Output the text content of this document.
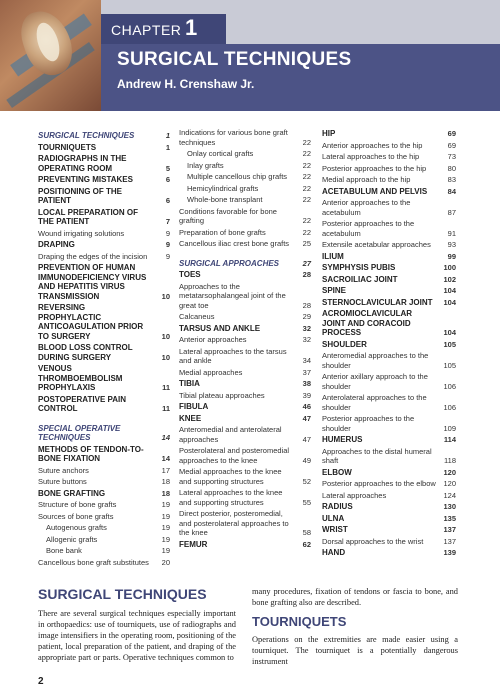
CHAPTER 1
SURGICAL TECHNIQUES
Andrew H. Crenshaw Jr.
SURGICAL TECHNIQUES	1
TOURNIQUETS	1
RADIOGRAPHS IN THE OPERATING ROOM	5
PREVENTING MISTAKES	6
POSITIONING OF THE PATIENT	6
LOCAL PREPARATION OF THE PATIENT	7
Wound irrigating solutions	9
DRAPING	9
Draping the edges of the incision	9
PREVENTION OF HUMAN IMMUNODEFICIENCY VIRUS AND HEPATITIS VIRUS TRANSMISSION	10
REVERSING PROPHYLACTIC ANTICOAGULATION PRIOR TO SURGERY	10
BLOOD LOSS CONTROL DURING SURGERY	10
VENOUS THROMBOEMBOLISM PROPHYLAXIS	11
POSTOPERATIVE PAIN CONTROL	11
SPECIAL OPERATIVE TECHNIQUES	14
METHODS OF TENDON-TO-BONE FIXATION	14
Suture anchors	17
Suture buttons	18
BONE GRAFTING	18
Structure of bone grafts	19
Sources of bone grafts	19
Autogenous grafts	19
Allogenic grafts	19
Bone bank	19
Cancellous bone graft substitutes 20
Indications for various bone graft techniques	22
Onlay cortical grafts	22
Inlay grafts	22
Multiple cancellous chip grafts	22
Hemicylindrical grafts	22
Whole-bone transplant	22
Conditions favorable for bone grafting	22
Preparation of bone grafts	22
Cancellous iliac crest bone grafts 25
SURGICAL APPROACHES	27
TOES	28
Approaches to the metatarsophalangeal joint of the great toe	28
Calcaneus	29
TARSUS AND ANKLE	32
Anterior approaches	32
Lateral approaches to the tarsus and ankle	34
Medial approaches	37
TIBIA	38
Tibial plateau approaches	39
FIBULA	46
KNEE	47
Anteromedial and anterolateral approaches	47
Posterolateral and posteromedial approaches to the knee	49
Medial approaches to the knee and supporting structures	52
Lateral approaches to the knee and supporting structures	55
Direct posterior, posteromedial, and posterolateral approaches to the knee	58
FEMUR	62
HIP	69
Anterior approaches to the hip	69
Lateral approaches to the hip	73
Posterior approaches to the hip	80
Medial approach to the hip	83
ACETABULUM AND PELVIS	84
Anterior approaches to the acetabulum	87
Posterior approaches to the acetabulum	91
Extensile acetabular approaches	93
ILIUM	99
SYMPHYSIS PUBIS	100
SACROILIAC JOINT	102
SPINE	104
STERNOCLAVICULAR JOINT	104
ACROMIOCLAVICULAR JOINT AND CORACOID PROCESS	104
SHOULDER	105
Anteromedial approaches to the shoulder	105
Anterior axillary approach to the shoulder	106
Anterolateral approaches to the shoulder	106
Posterior approaches to the shoulder	109
HUMERUS	114
Approaches to the distal humeral shaft	118
ELBOW	120
Posterior approaches to the elbow 120
Lateral approaches	124
RADIUS	130
ULNA	135
WRIST	137
Dorsal approaches to the wrist	137
HAND	139
SURGICAL TECHNIQUES

There are several surgical techniques especially important in orthopaedics: use of tourniquets, use of radiographs and image intensifiers in the operating room, positioning of the patient, local preparation of the patient, and draping of the appropriate part or parts. Operative techniques common to

many procedures, fixation of tendons or fascia to bone, and bone grafting also are described.

TOURNIQUETS

Operations on the extremities are made easier using a tourniquet. The tourniquet is a potentially dangerous instrument

2
